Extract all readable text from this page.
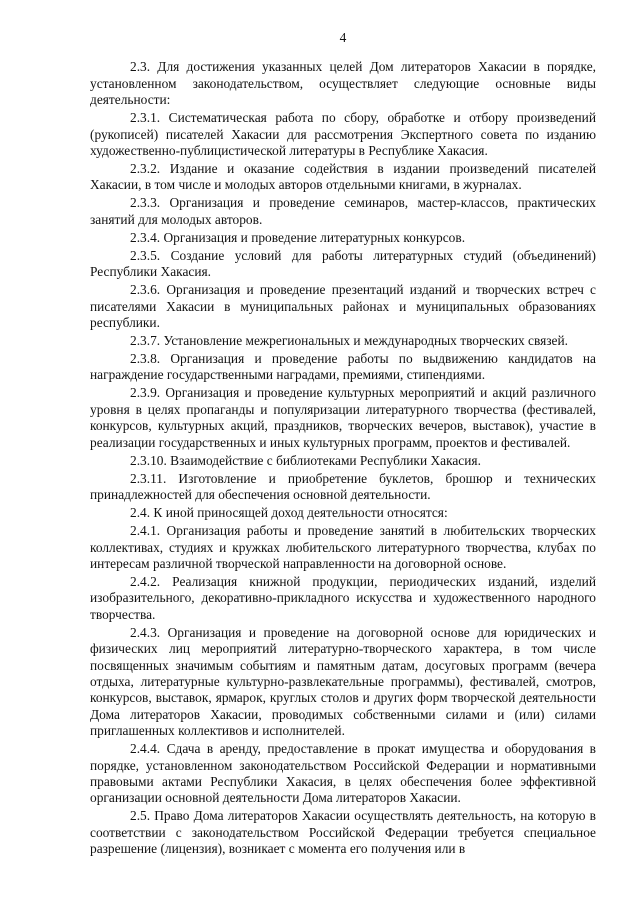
4

2.3. Для достижения указанных целей Дом литераторов Хакасии в порядке, установленном законодательством, осуществляет следующие основные виды деятельности:

2.3.1. Систематическая работа по сбору, обработке и отбору произведений (рукописей) писателей Хакасии для рассмотрения Экспертного совета по изданию художественно-публицистической литературы в Республике Хакасия.

2.3.2. Издание и оказание содействия в издании произведений писателей Хакасии, в том числе и молодых авторов отдельными книгами, в журналах.

2.3.3. Организация и проведение семинаров, мастер-классов, практических занятий для молодых авторов.

2.3.4. Организация и проведение литературных конкурсов.

2.3.5. Создание условий для работы литературных студий (объединений) Республики Хакасия.

2.3.6. Организация и проведение презентаций изданий и творческих встреч с писателями Хакасии в муниципальных районах и муниципальных образованиях республики.

2.3.7. Установление межрегиональных и международных творческих связей.

2.3.8. Организация и проведение работы по выдвижению кандидатов на награждение государственными наградами, премиями, стипендиями.

2.3.9. Организация и проведение культурных мероприятий и акций различного уровня в целях пропаганды и популяризации литературного творчества (фестивалей, конкурсов, культурных акций, праздников, творческих вечеров, выставок), участие в реализации государственных и иных культурных программ, проектов и фестивалей.

2.3.10. Взаимодействие с библиотеками Республики Хакасия.

2.3.11. Изготовление и приобретение буклетов, брошюр и технических принадлежностей для обеспечения основной деятельности.

2.4. К иной приносящей доход деятельности относятся:

2.4.1. Организация работы и проведение занятий в любительских творческих коллективах, студиях и кружках любительского литературного творчества, клубах по интересам различной творческой направленности на договорной основе.

2.4.2. Реализация книжной продукции, периодических изданий, изделий изобразительного, декоративно-прикладного искусства и художественного народного творчества.

2.4.3. Организация и проведение на договорной основе для юридических и физических лиц мероприятий литературно-творческого характера, в том числе посвященных значимым событиям и памятным датам, досуговых программ (вечера отдыха, литературные культурно-развлекательные программы), фестивалей, смотров, конкурсов, выставок, ярмарок, круглых столов и других форм творческой деятельности Дома литераторов Хакасии, проводимых собственными силами и (или) силами приглашенных коллективов и исполнителей.

2.4.4. Сдача в аренду, предоставление в прокат имущества и оборудования в порядке, установленном законодательством Российской Федерации и нормативными правовыми актами Республики Хакасия, в целях обеспечения более эффективной организации основной деятельности Дома литераторов Хакасии.

2.5. Право Дома литераторов Хакасии осуществлять деятельность, на которую в соответствии с законодательством Российской Федерации требуется специальное разрешение (лицензия), возникает с момента его получения или в
